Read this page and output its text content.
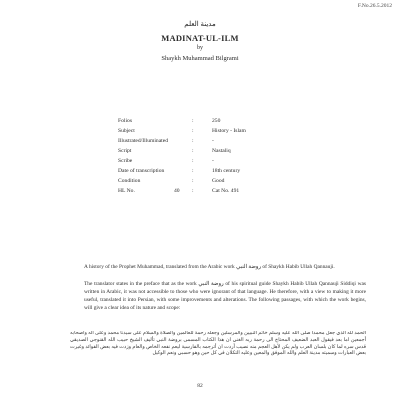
F.No.26.5.2012
مدينة العلم
MADINAT-UL-ILM
by
Shaykh Muhammad Bilgrami
Folios	:	250
Subject	:	History - Islam
Illustrated/Illuminated	:	-
Script	:	Nastaliq
Scribe	:	-
Date of transcription	:	18th century
Condition	:	Good
HL No.	40 :	Cat No. 491

A history of the Prophet Muhammad, translated from the Arabic work روضة النبي of Shaykh Habib Ullah Qannauji.

The translator states in the preface that as the work روضة النبي of his spiritual guide Shaykh Habib Ullah Qannauji Siddiqi was written in Arabic, it was not accessible to those who were ignorant of that language. He therefore, with a view to making it more useful, translated it into Persian, with some improvements and alterations. The following passages, with which the work begins, will give a clear idea of its nature and scope:

الحمد لله الذي جعل محمدا صلى الله عليه وسلم خاتم النبيين والمرسلين وجعله رحمة للعالمين والصلاة والسلام على سيدنا محمد وعلى آله وأصحابه أجمعين اما بعد فيقول العبد الضعيف المحتاج الى رحمة ربه الغني ان هذا الكتاب المسمى بروضة النبي تأليف الشيخ حبيب الله القنوجي الصديقي قدس سره لما كان بلسان العرب ولم يكن لأهل العجم منه نصيب أردت ان أترجمه بالفارسية ليعم نفعه الخاص والعام وزدت فيه بعض الفوائد وغيرت بعض العبارات وسميته مدينة العلم والله الموفق والمعين وعليه التكلان في كل حين وهو حسبي ونعم الوكيل
82
